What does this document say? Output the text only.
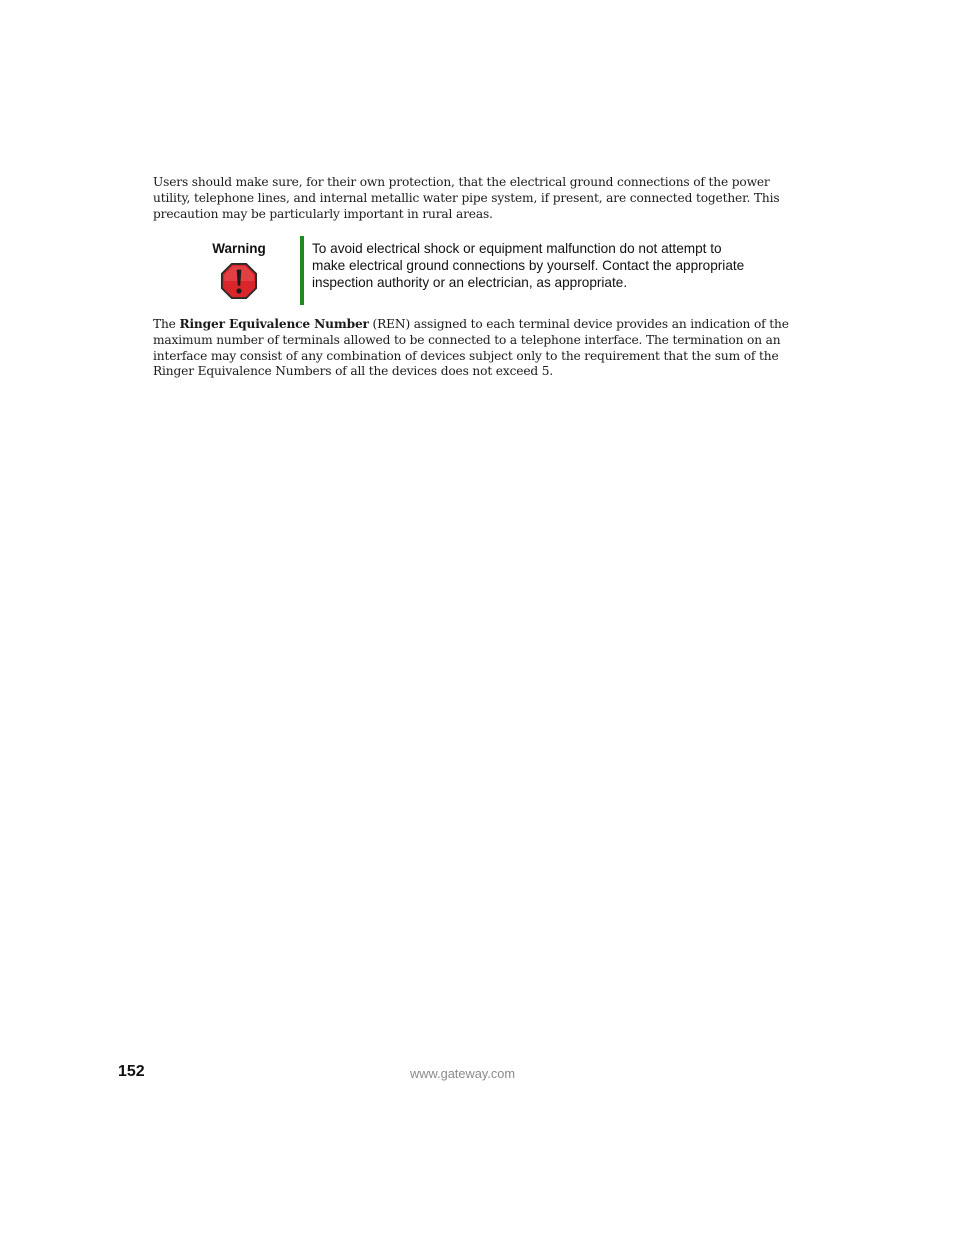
Users should make sure, for their own protection, that the electrical ground connections of the power utility, telephone lines, and internal metallic water pipe system, if present, are connected together. This precaution may be particularly important in rural areas.

Warning	To avoid electrical shock or equipment malfunction do not attempt to make electrical ground connections by yourself. Contact the appropriate inspection authority or an electrician, as appropriate.

The Ringer Equivalence Number (REN) assigned to each terminal device provides an indication of the maximum number of terminals allowed to be connected to a telephone interface. The termination on an interface may consist of any combination of devices subject only to the requirement that the sum of the Ringer Equivalence Numbers of all the devices does not exceed 5.

152	www.gateway.com
